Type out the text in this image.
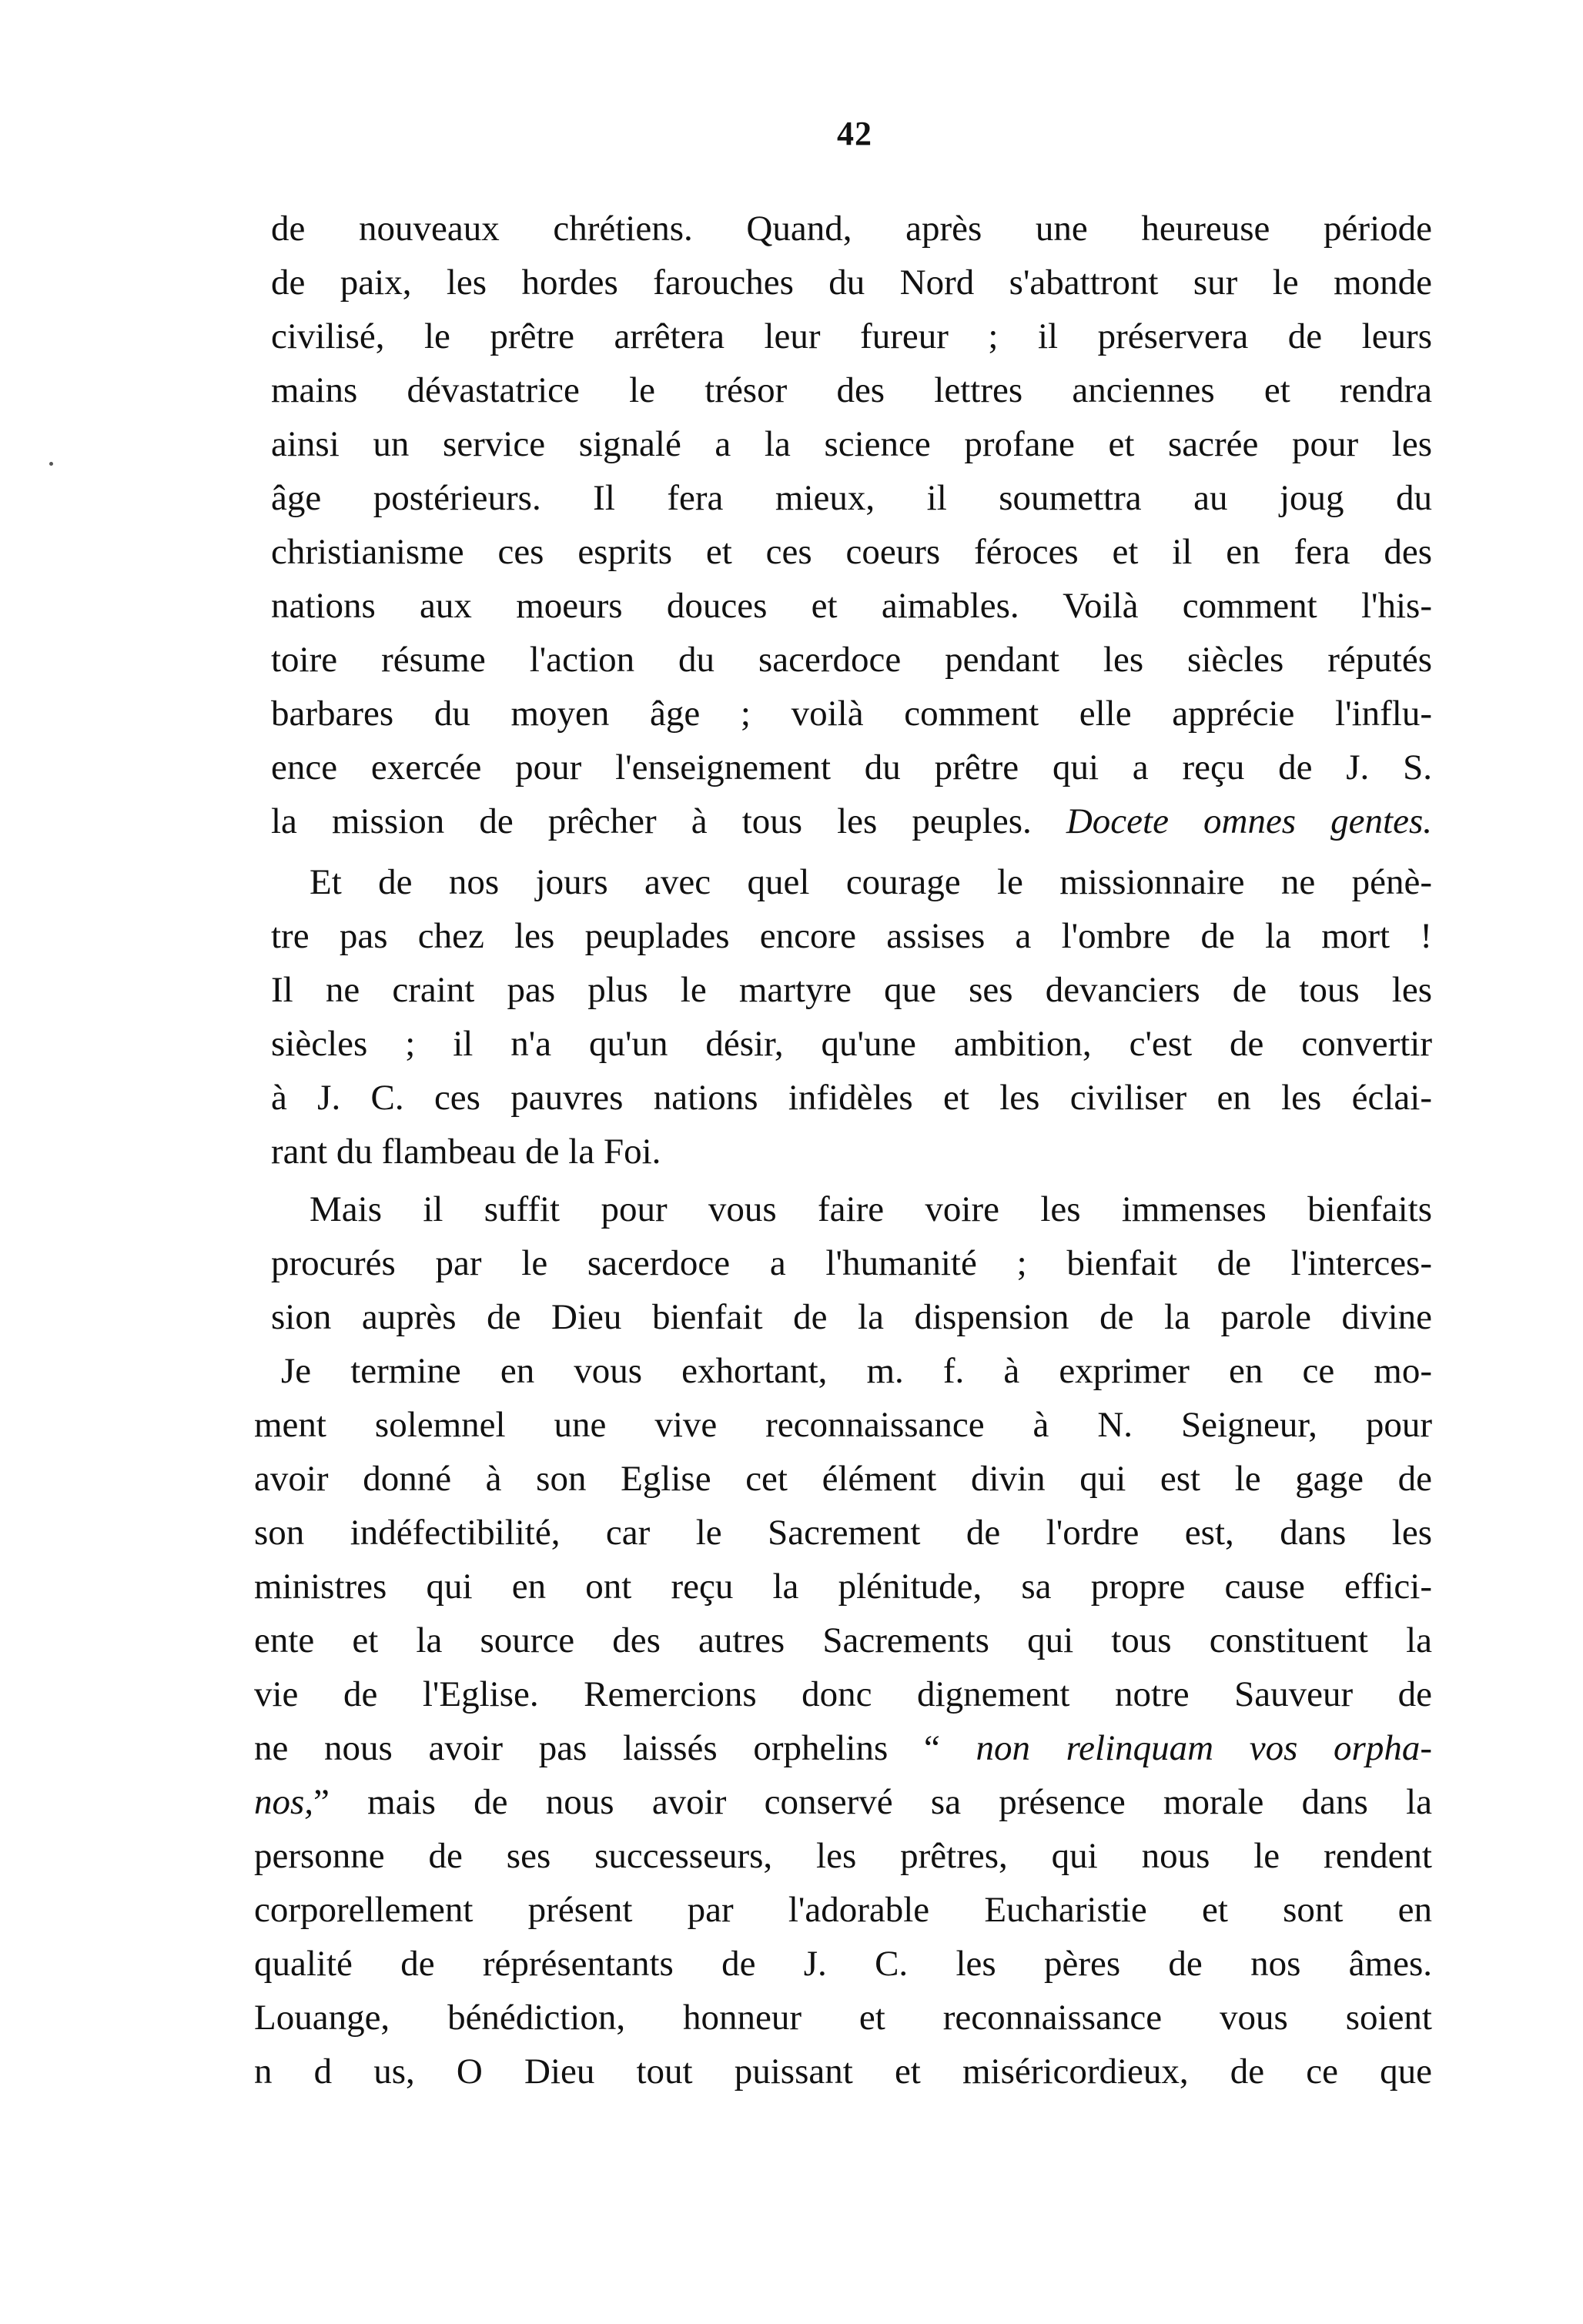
42
de nouveaux chrétiens. Quand, après une heureuse période
de paix, les hordes farouches du Nord s'abattront sur le monde
civilisé, le prêtre arrêtera leur fureur ; il préservera de leurs
mains dévastatrice le trésor des lettres anciennes et rendra
ainsi un service signalé a la science profane et sacrée pour les
âge postérieurs. Il fera mieux, il soumettra au joug du
christianisme ces esprits et ces coeurs féroces et il en fera des
nations aux moeurs douces et aimables. Voilà comment l'his-
toire résume l'action du sacerdoce pendant les siècles réputés
barbares du moyen âge ; voilà comment elle apprécie l'influ-
ence exercée pour l'enseignement du prêtre qui a reçu de J. S.
la mission de prêcher à tous les peuples. Docete omnes gentes.
Et de nos jours avec quel courage le missionnaire ne pénè-
tre pas chez les peuplades encore assises a l'ombre de la mort !
Il ne craint pas plus le martyre que ses devanciers de tous les
siècles ; il n'a qu'un désir, qu'une ambition, c'est de convertir
à J. C. ces pauvres nations infidèles et les civiliser en les éclai-
rant du flambeau de la Foi.
Mais il suffit pour vous faire voire les immenses bienfaits
procurés par le sacerdoce a l'humanité ; bienfait de l'interces-
sion auprès de Dieu bienfait de la dispension de la parole divine
Je termine en vous exhortant, m. f. à exprimer en ce mo-
ment solemnel une vive reconnaissance à N. Seigneur, pour
avoir donné à son Eglise cet élément divin qui est le gage de
son indéfectibilité, car le Sacrement de l'ordre est, dans les
ministres qui en ont reçu la plénitude, sa propre cause effici-
ente et la source des autres Sacrements qui tous constituent la
vie de l'Eglise. Remercions donc dignement notre Sauveur de
ne nous avoir pas laissés orphelins “ non relinquam vos orpha-
nos,” mais de nous avoir conservé sa présence morale dans la
personne de ses successeurs, les prêtres, qui nous le rendent
corporellement présent par l'adorable Eucharistie et sont en
qualité de réprésentants de J. C. les pères de nos âmes.
Louange, bénédiction, honneur et reconnaissance vous soient
n d us, O Dieu tout puissant et miséricordieux, de ce que
